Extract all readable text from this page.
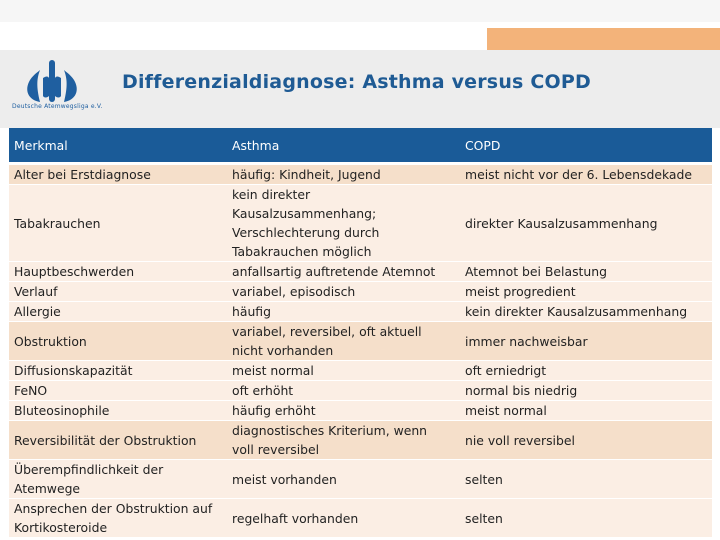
Deutsche Atemwegsliga e.V.
Differenzialdiagnose: Asthma versus COPD
Merkmal	Asthma	COPD

Alter bei Erstdiagnose	häufig: Kindheit, Jugend	meist nicht vor der 6. Lebensdekade

Tabakrauchen	kein direkter
Kausalzusammenhang;
Verschlechterung durch
Tabakrauchen möglich	direkter Kausalzusammenhang

Hauptbeschwerden	anfallsartig auftretende Atemnot	Atemnot bei Belastung

Verlauf	variabel, episodisch	meist progredient

Allergie	häufig	kein direkter Kausalzusammenhang

Obstruktion	variabel, reversibel, oft aktuell
nicht vorhanden	immer nachweisbar

Diffusionskapazität	meist normal	oft erniedrigt

FeNO	oft erhöht	normal bis niedrig

Bluteosinophile	häufig erhöht	meist normal

Reversibilität der Obstruktion	diagnostisches Kriterium, wenn
voll reversibel	nie voll reversibel

Überempfindlichkeit der
Atemwege	meist vorhanden	selten

Ansprechen der Obstruktion auf
Kortikosteroide	regelhaft vorhanden	selten
